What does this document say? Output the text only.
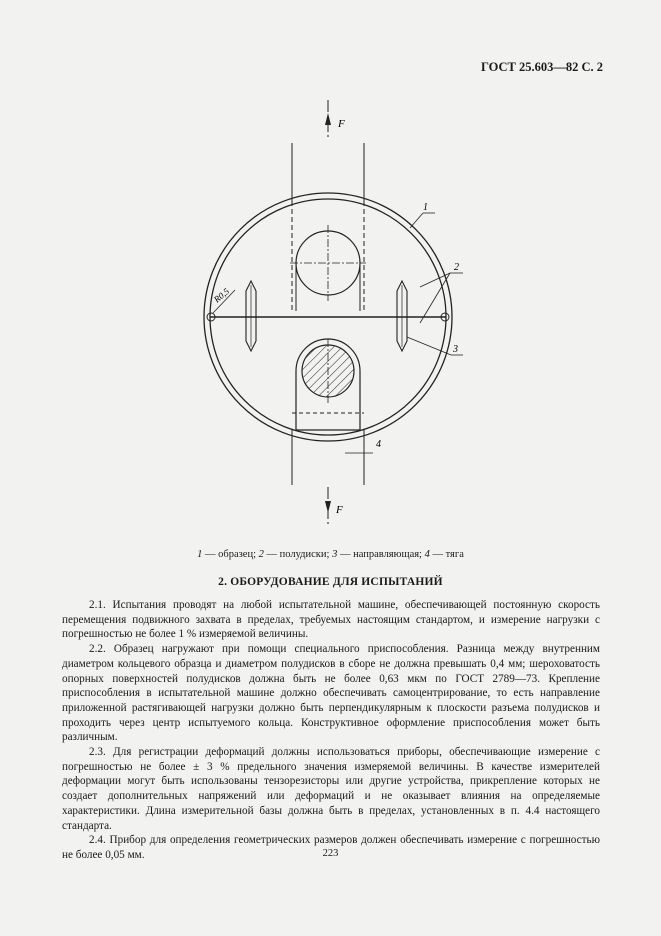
ГОСТ 25.603—82 С. 2
F
F
R0,5
1
2
3
4
1 — образец; 2 — полудиски; 3 — направляющая; 4 — тяга
2. ОБОРУДОВАНИЕ ДЛЯ ИСПЫТАНИЙ

2.1. Испытания проводят на любой испытательной машине, обеспечивающей постоянную скорость перемещения подвижного захвата в пределах, требуемых настоящим стандартом, и измерение нагрузки с погрешностью не более 1 % измеряемой величины.

2.2. Образец нагружают при помощи специального приспособления. Разница между внутренним диаметром кольцевого образца и диаметром полудисков в сборе не должна превышать 0,4 мм; шероховатость опорных поверхностей полудисков должна быть не более 0,63 мкм по ГОСТ 2789—73. Крепление приспособления в испытательной машине должно обеспечивать самоцентрирование, то есть направление приложенной растягивающей нагрузки должно быть перпендикулярным к плоскости разъема полудисков и проходить через центр испытуемого кольца. Конструктивное оформление приспособления может быть различным.

2.3. Для регистрации деформаций должны использоваться приборы, обеспечивающие измерение с погрешностью не более ± 3 % предельного значения измеряемой величины. В качестве измерителей деформации могут быть использованы тензорезисторы или другие устройства, прикрепление которых не создает дополнительных напряжений или деформаций и не оказывает влияния на определяемые характеристики. Длина измерительной базы должна быть в пределах, установленных в п. 4.4 настоящего стандарта.

2.4. Прибор для определения геометрических размеров должен обеспечивать измерение с погрешностью не более 0,05 мм.	223
